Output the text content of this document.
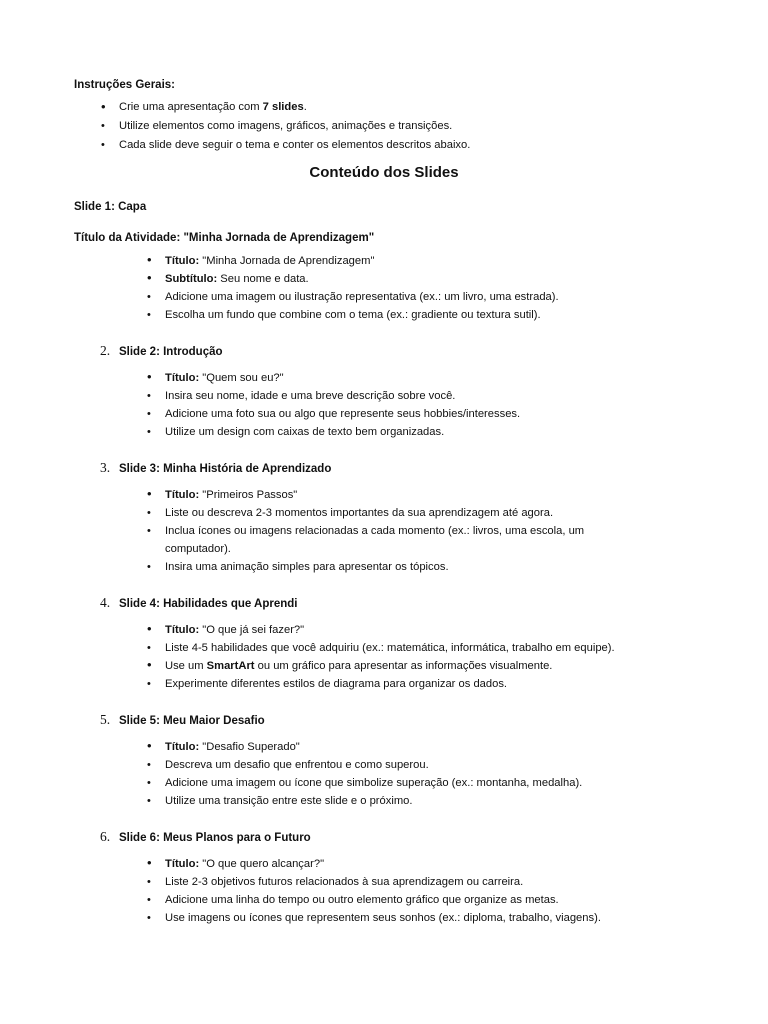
Instruções Gerais:
• Crie uma apresentação com 7 slides.
• Utilize elementos como imagens, gráficos, animações e transições.
• Cada slide deve seguir o tema e conter os elementos descritos abaixo.
Conteúdo dos Slides
Slide 1: Capa
Título da Atividade: "Minha Jornada de Aprendizagem"
• Título: "Minha Jornada de Aprendizagem"
• Subtítulo: Seu nome e data.
• Adicione uma imagem ou ilustração representativa (ex.: um livro, uma estrada).
• Escolha um fundo que combine com o tema (ex.: gradiente ou textura sutil).
2. Slide 2: Introdução
• Título: "Quem sou eu?"
• Insira seu nome, idade e uma breve descrição sobre você.
• Adicione uma foto sua ou algo que represente seus hobbies/interesses.
• Utilize um design com caixas de texto bem organizadas.
3. Slide 3: Minha História de Aprendizado
• Título: "Primeiros Passos"
• Liste ou descreva 2-3 momentos importantes da sua aprendizagem até agora.
• Inclua ícones ou imagens relacionadas a cada momento (ex.: livros, uma escola, um
computador).
• Insira uma animação simples para apresentar os tópicos.
4. Slide 4: Habilidades que Aprendi
• Título: "O que já sei fazer?"
• Liste 4-5 habilidades que você adquiriu (ex.: matemática, informática, trabalho em equipe).
• Use um SmartArt ou um gráfico para apresentar as informações visualmente.
• Experimente diferentes estilos de diagrama para organizar os dados.
5. Slide 5: Meu Maior Desafio
• Título: "Desafio Superado"
• Descreva um desafio que enfrentou e como superou.
• Adicione uma imagem ou ícone que simbolize superação (ex.: montanha, medalha).
• Utilize uma transição entre este slide e o próximo.
6. Slide 6: Meus Planos para o Futuro
• Título: "O que quero alcançar?"
• Liste 2-3 objetivos futuros relacionados à sua aprendizagem ou carreira.
• Adicione uma linha do tempo ou outro elemento gráfico que organize as metas.
• Use imagens ou ícones que representem seus sonhos (ex.: diploma, trabalho, viagens).
